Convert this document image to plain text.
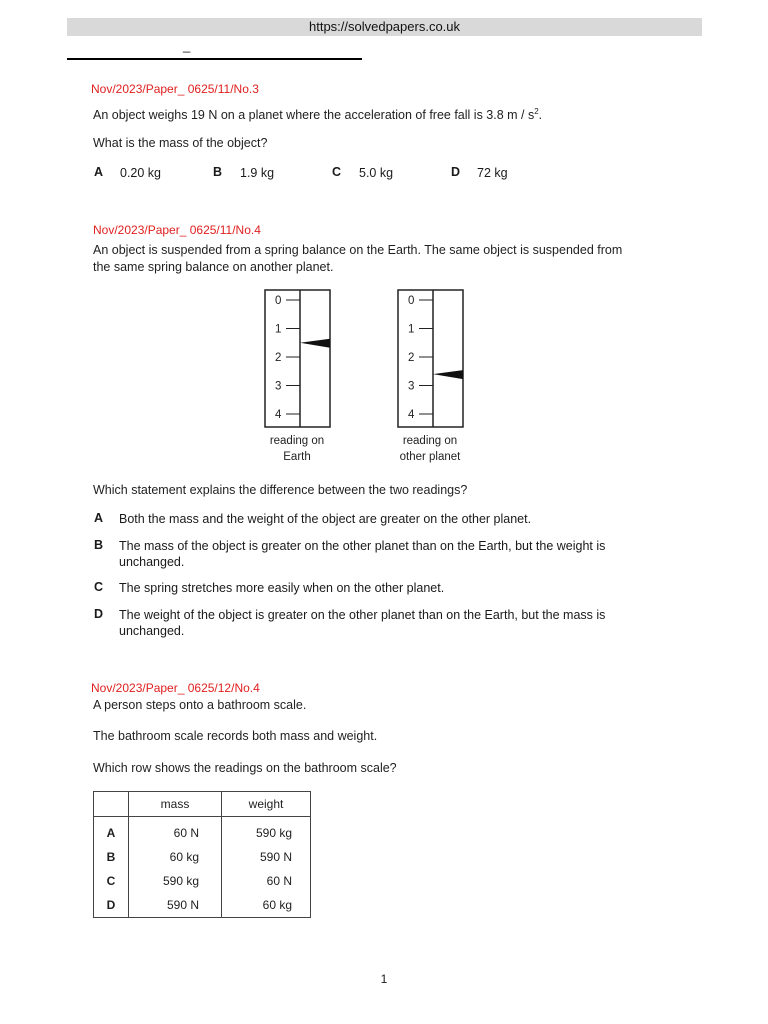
https://solvedpapers.co.uk
_
Nov/2023/Paper_ 0625/11/No.3
An object weighs 19 N on a planet where the acceleration of free fall is 3.8 m / $s^2$.
What is the mass of the object?
A 0.20 kg	B 1.9 kg	C 5.0 kg	D 72 kg
Nov/2023/Paper_ 0625/11/No.4
An object is suspended from a spring balance on the Earth. The same object is suspended from
the same spring balance on another planet.
0
1
2
3
4
reading on
Earth
0
1
2
3
4
reading on
other planet
Which statement explains the difference between the two readings?
A Both the mass and the weight of the object are greater on the other planet.
B The mass of the object is greater on the other planet than on the Earth, but the weight is
unchanged.
C The spring stretches more easily when on the other planet.
D The weight of the object is greater on the other planet than on the Earth, but the mass is
unchanged.
Nov/2023/Paper_ 0625/12/No.4
A person steps onto a bathroom scale.
The bathroom scale records both mass and weight.
Which row shows the readings on the bathroom scale?
	mass	weight
A	60 N	590 kg
B	60 kg	590 N
C	590 kg	60 N
D	590 N	60 kg
1
